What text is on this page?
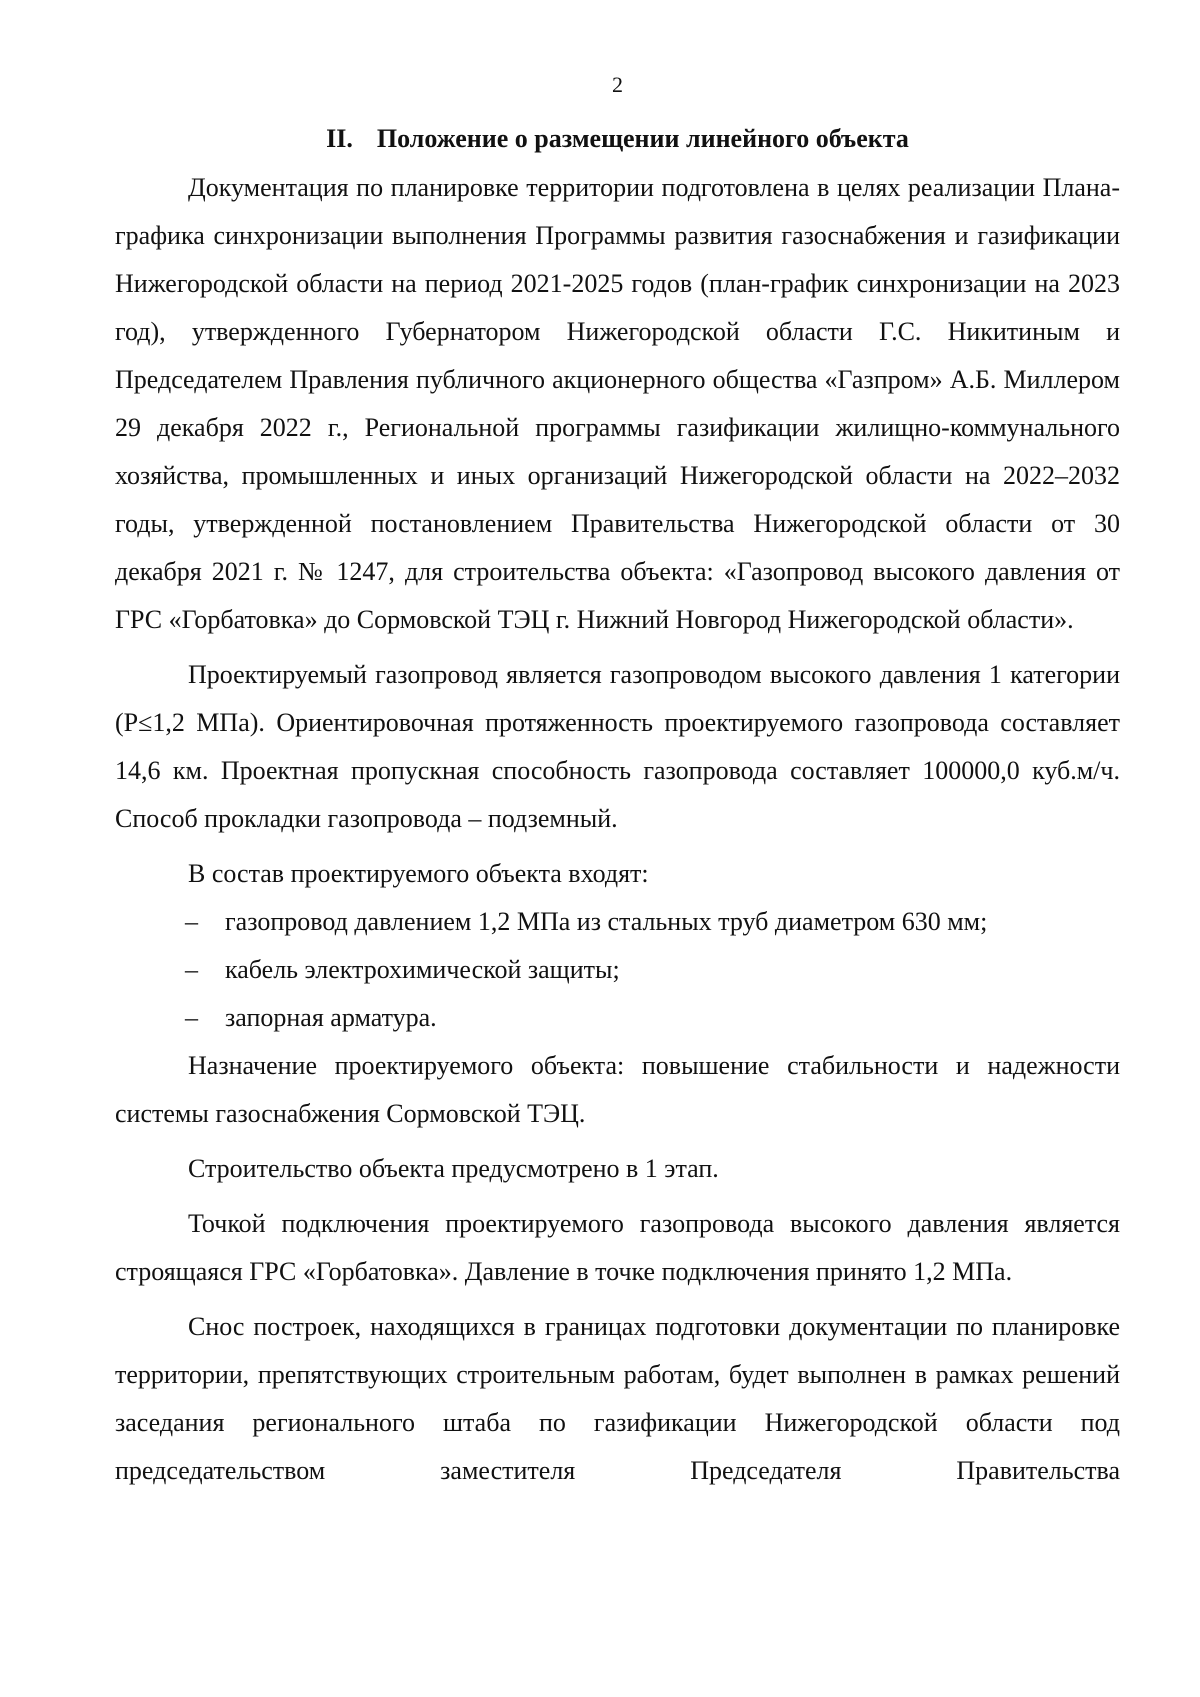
2
II. Положение о размещении линейного объекта

Документация по планировке территории подготовлена в целях реализации Плана-графика синхронизации выполнения Программы развития газоснабжения и газификации Нижегородской области на период 2021-2025 годов (план-график синхронизации на 2023 год), утвержденного Губернатором Нижегородской области Г.С. Никитиным и Председателем Правления публичного акционерного общества «Газпром» А.Б. Миллером 29 декабря 2022 г., Региональной программы газификации жилищно-коммунального хозяйства, промышленных и иных организаций Нижегородской области на 2022–2032 годы, утвержденной постановлением Правительства Нижегородской области от 30 декабря 2021 г. № 1247, для строительства объекта: «Газопровод высокого давления от ГРС «Горбатовка» до Сормовской ТЭЦ г. Нижний Новгород Нижегородской области».

Проектируемый газопровод является газопроводом высокого давления 1 категории (Р≤1,2 МПа). Ориентировочная протяженность проектируемого газопровода составляет 14,6 км. Проектная пропускная способность газопровода составляет 100000,0 куб.м/ч. Способ прокладки газопровода – подземный.

В состав проектируемого объекта входят:

–	газопровод давлением 1,2 МПа из стальных труб диаметром 630 мм;
–	кабель электрохимической защиты;
–	запорная арматура.

Назначение проектируемого объекта: повышение стабильности и надежности системы газоснабжения Сормовской ТЭЦ.

Строительство объекта предусмотрено в 1 этап.

Точкой подключения проектируемого газопровода высокого давления является строящаяся ГРС «Горбатовка». Давление в точке подключения принято 1,2 МПа.

Снос построек, находящихся в границах подготовки документации по планировке территории, препятствующих строительным работам, будет выполнен в рамках решений заседания регионального штаба по газификации Нижегородской области под председательством заместителя Председателя Правительства
